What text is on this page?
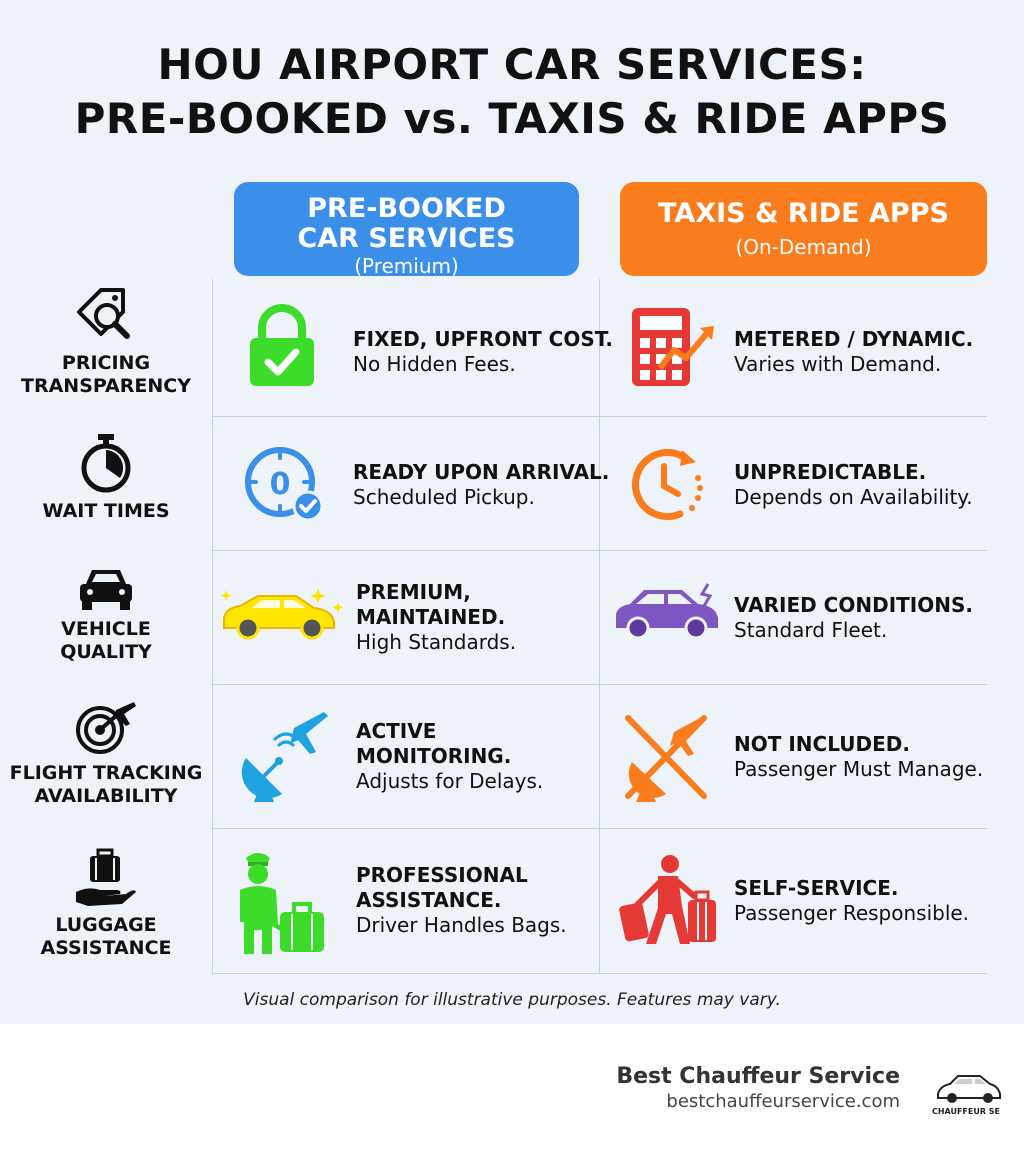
HOU AIRPORT CAR SERVICES:
PRE-BOOKED vs. TAXIS & RIDE APPS
PRE-BOOKED
CAR SERVICES
(Premium)
TAXIS & RIDE APPS
(On-Demand)
PRICING
TRANSPARENCY
FIXED, UPFRONT COST.
No Hidden Fees.
METERED / DYNAMIC.
Varies with Demand.
WAIT TIMES
0	READY UPON ARRIVAL.
Scheduled Pickup.
UNPREDICTABLE.
Depends on Availability.
VEHICLE
QUALITY
PREMIUM,
MAINTAINED.
High Standards.
VARIED CONDITIONS.
Standard Fleet.
FLIGHT TRACKING
AVAILABILITY
ACTIVE
MONITORING.
Adjusts for Delays.
NOT INCLUDED.
Passenger Must Manage.
LUGGAGE
ASSISTANCE
PROFESSIONAL
ASSISTANCE.
Driver Handles Bags.
SELF-SERVICE.
Passenger Responsible.
Visual comparison for illustrative purposes. Features may vary.
Best Chauffeur Service
bestchauffeurservice.com	CHAUFFEUR SE
